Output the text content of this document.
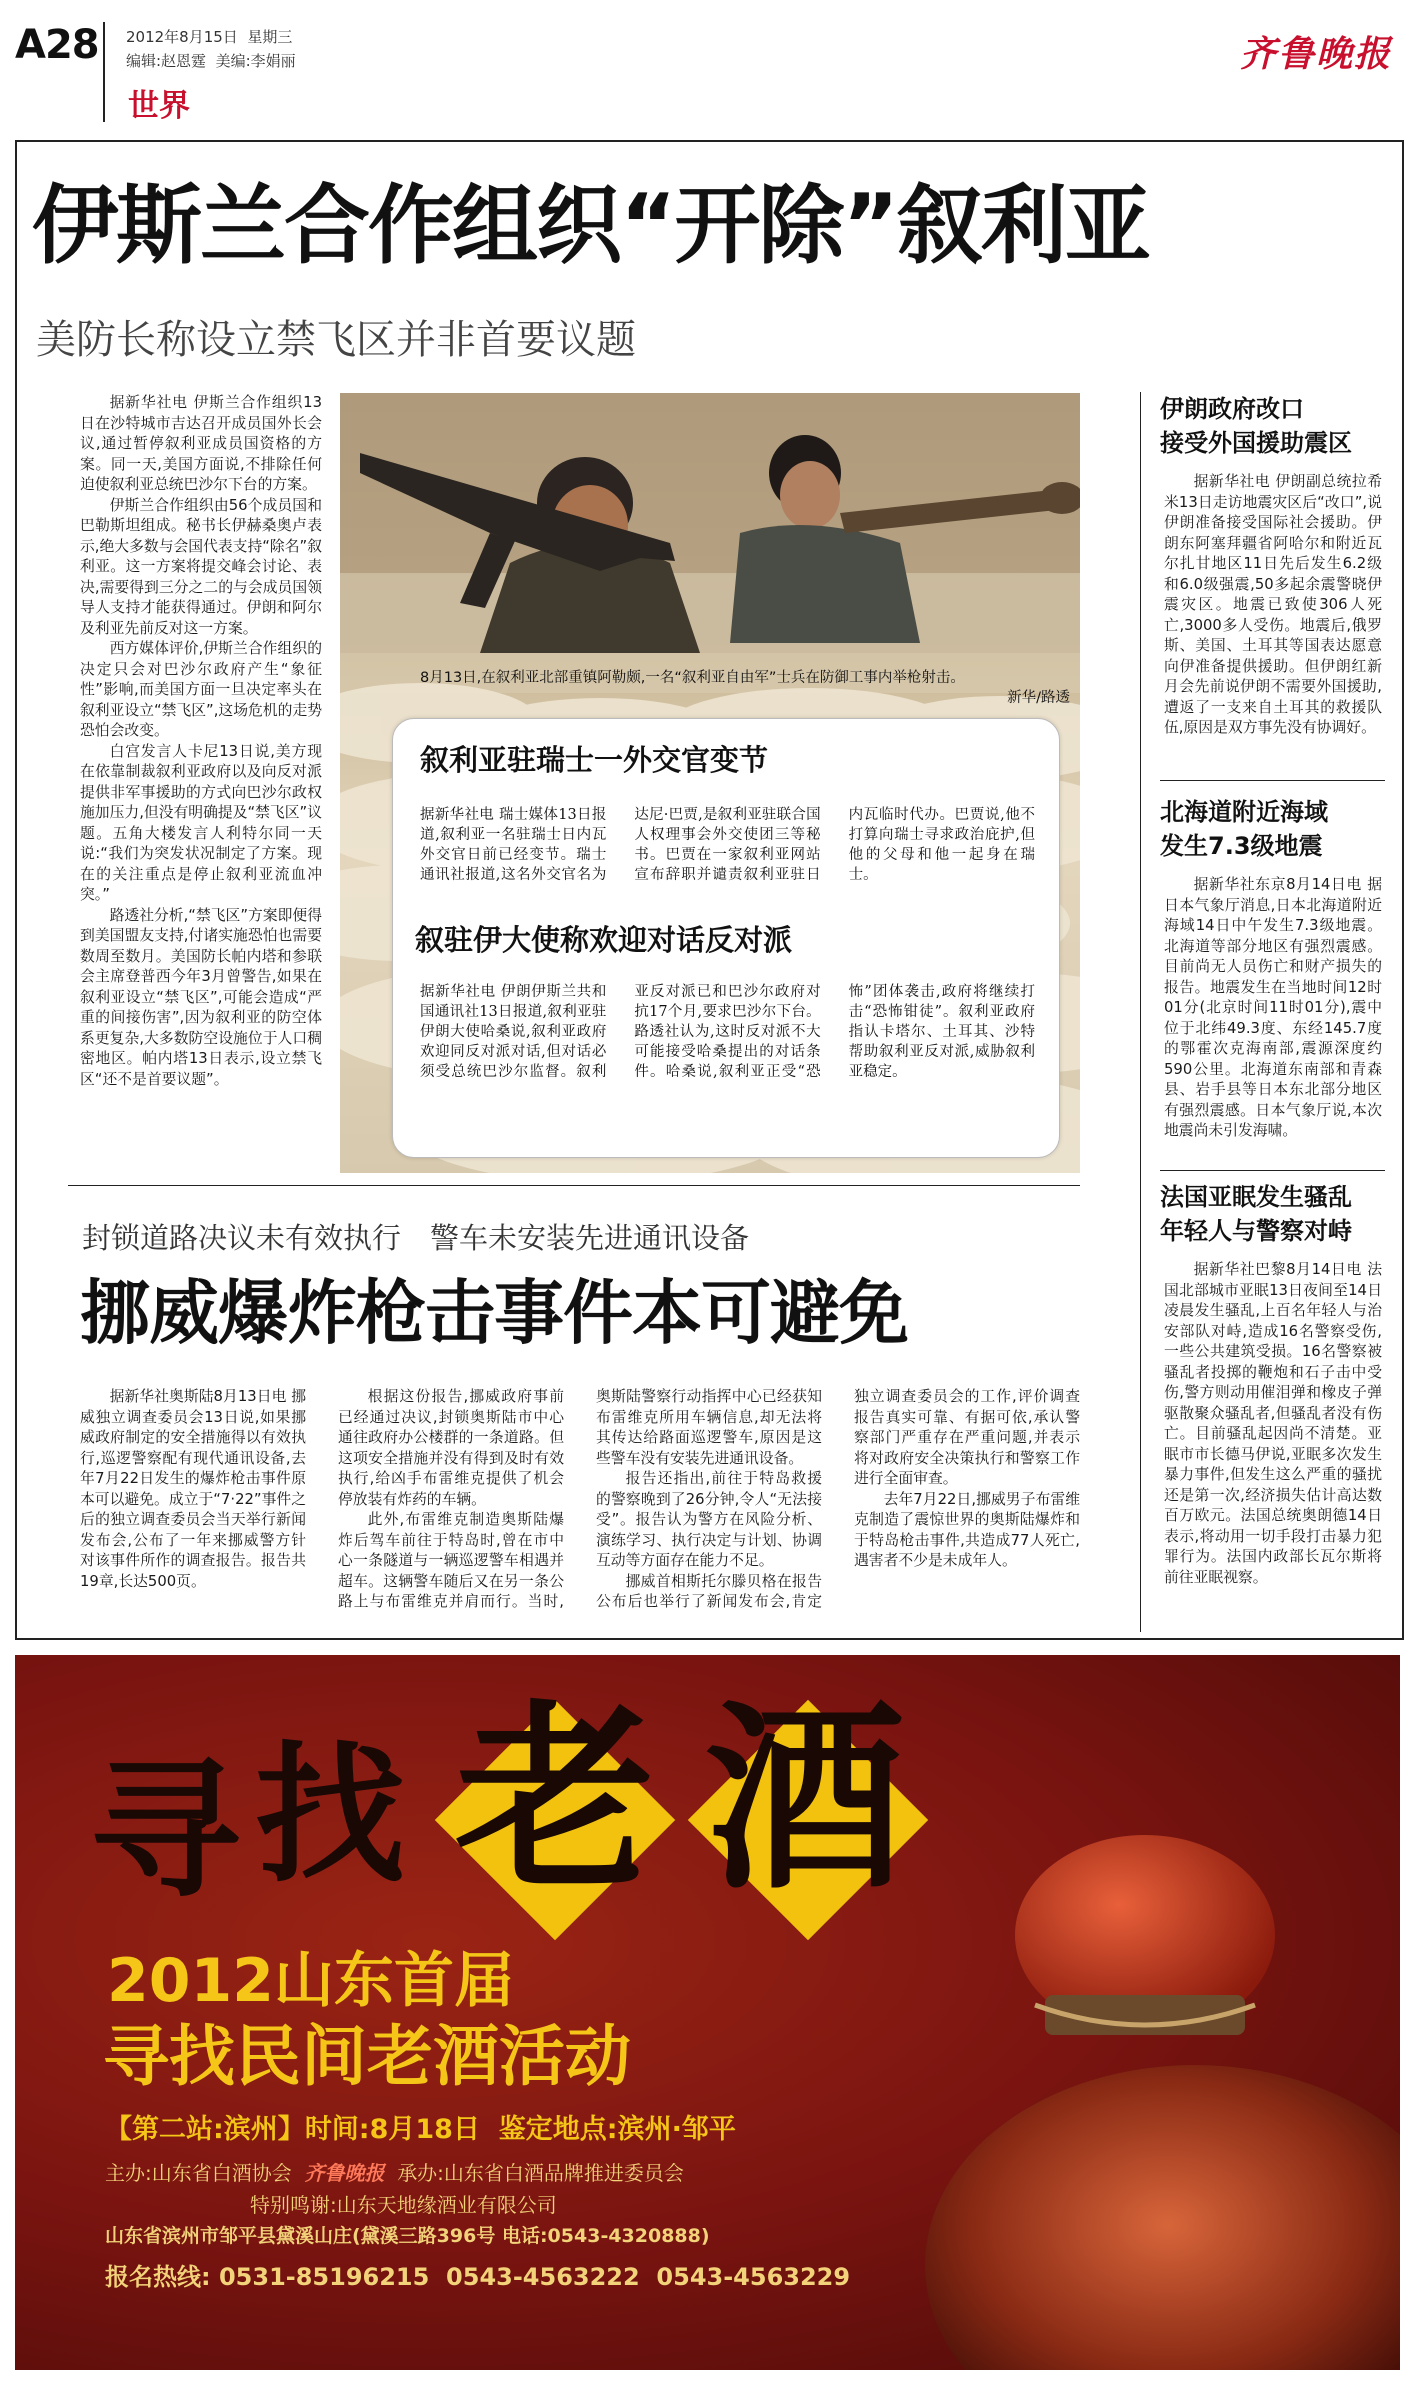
A28 2012年8月15日 星期三
编辑:赵恩霆 美编:李娟丽
世界
齐鲁晚报
伊斯兰合作组织“开除”叙利亚
美防长称设立禁飞区并非首要议题

据新华社电 伊斯兰合作组织13日在沙特城市吉达召开成员国外长会议,通过暂停叙利亚成员国资格的方案。同一天,美国方面说,不排除任何迫使叙利亚总统巴沙尔下台的方案。

伊斯兰合作组织由56个成员国和巴勒斯坦组成。秘书长伊赫桑奥卢表示,绝大多数与会国代表支持“除名”叙利亚。这一方案将提交峰会讨论、表决,需要得到三分之二的与会成员国领导人支持才能获得通过。伊朗和阿尔及利亚先前反对这一方案。

西方媒体评价,伊斯兰合作组织的决定只会对巴沙尔政府产生“象征性”影响,而美国方面一旦决定率头在叙利亚设立“禁飞区”,这场危机的走势恐怕会改变。

白宫发言人卡尼13日说,美方现在依靠制裁叙利亚政府以及向反对派提供非军事援助的方式向巴沙尔政权施加压力,但没有明确提及“禁飞区”议题。五角大楼发言人利特尔同一天说:“我们为突发状况制定了方案。现在的关注重点是停止叙利亚流血冲突。”

路透社分析,“禁飞区”方案即便得到美国盟友支持,付诸实施恐怕也需要数周至数月。美国防长帕内塔和参联会主席登普西今年3月曾警告,如果在叙利亚设立“禁飞区”,可能会造成“严重的间接伤害”,因为叙利亚的防空体系更复杂,大多数防空设施位于人口稠密地区。帕内塔13日表示,设立禁飞区“还不是首要议题”。

8月13日,在叙利亚北部重镇阿勒颇,一名“叙利亚自由军”士兵在防御工事内举枪射击。
新华/路透
叙利亚驻瑞士一外交官变节
据新华社电 瑞士媒体13日报道,叙利亚一名驻瑞士日内瓦外交官日前已经变节。瑞士通讯社报道,这名外交官名为达尼·巴贾,是叙利亚驻联合国人权理事会外交使团三等秘书。巴贾在一家叙利亚网站宣布辞职并谴责叙利亚驻日内瓦临时代办。巴贾说,他不打算向瑞士寻求政治庇护,但他的父母和他一起身在瑞士。
叙驻伊大使称欢迎对话反对派
据新华社电 伊朗伊斯兰共和国通讯社13日报道,叙利亚驻伊朗大使哈桑说,叙利亚政府欢迎同反对派对话,但对话必须受总统巴沙尔监督。叙利亚反对派已和巴沙尔政府对抗17个月,要求巴沙尔下台。路透社认为,这时反对派不大可能接受哈桑提出的对话条件。哈桑说,叙利亚正受“恐怖”团体袭击,政府将继续打击“恐怖钳徒”。叙利亚政府指认卡塔尔、土耳其、沙特帮助叙利亚反对派,威胁叙利亚稳定。
伊朗政府改口
接受外国援助震区

据新华社电 伊朗副总统拉希米13日走访地震灾区后“改口”,说伊朗准备接受国际社会援助。伊朗东阿塞拜疆省阿哈尔和附近瓦尔扎甘地区11日先后发生6.2级和6.0级强震,50多起余震警晓伊震灾区。地震已致使306人死亡,3000多人受伤。地震后,俄罗斯、美国、土耳其等国表达愿意向伊准备提供援助。但伊朗红新月会先前说伊朗不需要外国援助,遭返了一支来自土耳其的救援队伍,原因是双方事先没有协调好。

北海道附近海域
发生7.3级地震

据新华社东京8月14日电 据日本气象厅消息,日本北海道附近海域14日中午发生7.3级地震。北海道等部分地区有强烈震感。目前尚无人员伤亡和财产损失的报告。地震发生在当地时间12时01分(北京时间11时01分),震中位于北纬49.3度、东经145.7度的鄂霍次克海南部,震源深度约590公里。北海道东南部和青森县、岩手县等日本东北部分地区有强烈震感。日本气象厅说,本次地震尚未引发海啸。

法国亚眠发生骚乱
年轻人与警察对峙

据新华社巴黎8月14日电 法国北部城市亚眠13日夜间至14日凌晨发生骚乱,上百名年轻人与治安部队对峙,造成16名警察受伤,一些公共建筑受损。16名警察被骚乱者投掷的鞭炮和石子击中受伤,警方则动用催泪弹和橡皮子弹驱散聚众骚乱者,但骚乱者没有伤亡。目前骚乱起因尚不清楚。亚眠市市长德马伊说,亚眠多次发生暴力事件,但发生这么严重的骚扰还是第一次,经济损失估计高达数百万欧元。法国总统奥朗德14日表示,将动用一切手段打击暴力犯罪行为。法国内政部长瓦尔斯将前往亚眠视察。

封锁道路决议未有效执行　警车未安装先进通讯设备
挪威爆炸枪击事件本可避免

据新华社奥斯陆8月13日电 挪威独立调查委员会13日说,如果挪威政府制定的安全措施得以有效执行,巡逻警察配有现代通讯设备,去年7月22日发生的爆炸枪击事件原本可以避免。成立于“7·22”事件之后的独立调查委员会当天举行新闻发布会,公布了一年来挪威警方针对该事件所作的调查报告。报告共19章,长达500页。

根据这份报告,挪威政府事前已经通过决议,封锁奥斯陆市中心通往政府办公楼群的一条道路。但这项安全措施并没有得到及时有效执行,给凶手布雷维克提供了机会停放装有炸药的车辆。

此外,布雷维克制造奥斯陆爆炸后驾车前往于特岛时,曾在市中心一条隧道与一辆巡逻警车相遇并超车。这辆警车随后又在另一条公路上与布雷维克并肩而行。当时,奥斯陆警察行动指挥中心已经获知布雷维克所用车辆信息,却无法将其传达给路面巡逻警车,原因是这些警车没有安装先进通讯设备。

报告还指出,前往于特岛救援的警察晚到了26分钟,令人“无法接受”。报告认为警方在风险分析、演练学习、执行决定与计划、协调互动等方面存在能力不足。

挪威首相斯托尔滕贝格在报告公布后也举行了新闻发布会,肯定独立调查委员会的工作,评价调查报告真实可靠、有据可依,承认警察部门严重存在严重问题,并表示将对政府安全决策执行和警察工作进行全面审查。

去年7月22日,挪威男子布雷维克制造了震惊世界的奥斯陆爆炸和于特岛枪击事件,共造成77人死亡,遇害者不少是未成年人。

寻 找 老 酒
2012山东首届
寻找民间老酒活动
【第二站:滨州】时间:8月18日 鉴定地点:滨州·邹平
主办:山东省白酒协会 齐鲁晚报 承办:山东省白酒品牌推进委员会
特别鸣谢:山东天地缘酒业有限公司
山东省滨州市邹平县黛溪山庄(黛溪三路396号 电话:0543-4320888)
报名热线: 0531-85196215 0543-4563222 0543-4563229
